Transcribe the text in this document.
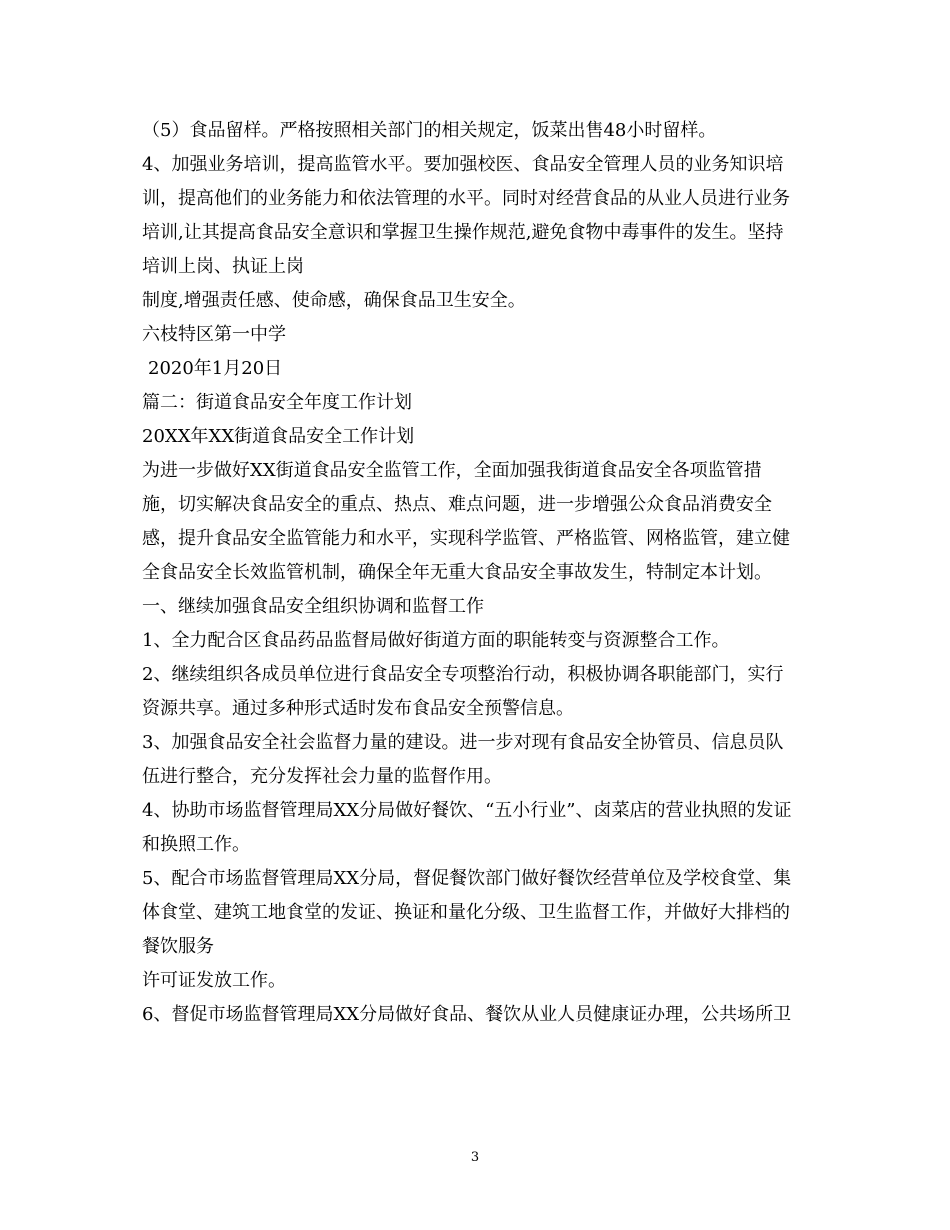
（5）食品留样。严格按照相关部门的相关规定，饭菜出售48小时留样。
4、加强业务培训，提高监管水平。要加强校医、食品安全管理人员的业务知识培
训，提高他们的业务能力和依法管理的水平。同时对经营食品的从业人员进行业务
培训,让其提高食品安全意识和掌握卫生操作规范,避免食物中毒事件的发生。坚持
培训上岗、执证上岗
制度,增强责任感、使命感，确保食品卫生安全。
六枝特区第一中学
2020年1月20日
篇二：街道食品安全年度工作计划
20XX年XX街道食品安全工作计划
为进一步做好XX街道食品安全监管工作，全面加强我街道食品安全各项监管措
施，切实解决食品安全的重点、热点、难点问题，进一步增强公众食品消费安全
感，提升食品安全监管能力和水平，实现科学监管、严格监管、网格监管，建立健
全食品安全长效监管机制，确保全年无重大食品安全事故发生，特制定本计划。
一、继续加强食品安全组织协调和监督工作
1、全力配合区食品药品监督局做好街道方面的职能转变与资源整合工作。
2、继续组织各成员单位进行食品安全专项整治行动，积极协调各职能部门，实行
资源共享。通过多种形式适时发布食品安全预警信息。
3、加强食品安全社会监督力量的建设。进一步对现有食品安全协管员、信息员队
伍进行整合，充分发挥社会力量的监督作用。
4、协助市场监督管理局XX分局做好餐饮、“五小行业”、卤菜店的营业执照的发证
和换照工作。
5、配合市场监督管理局XX分局，督促餐饮部门做好餐饮经营单位及学校食堂、集
体食堂、建筑工地食堂的发证、换证和量化分级、卫生监督工作，并做好大排档的
餐饮服务
许可证发放工作。
6、督促市场监督管理局XX分局做好食品、餐饮从业人员健康证办理，公共场所卫
3
